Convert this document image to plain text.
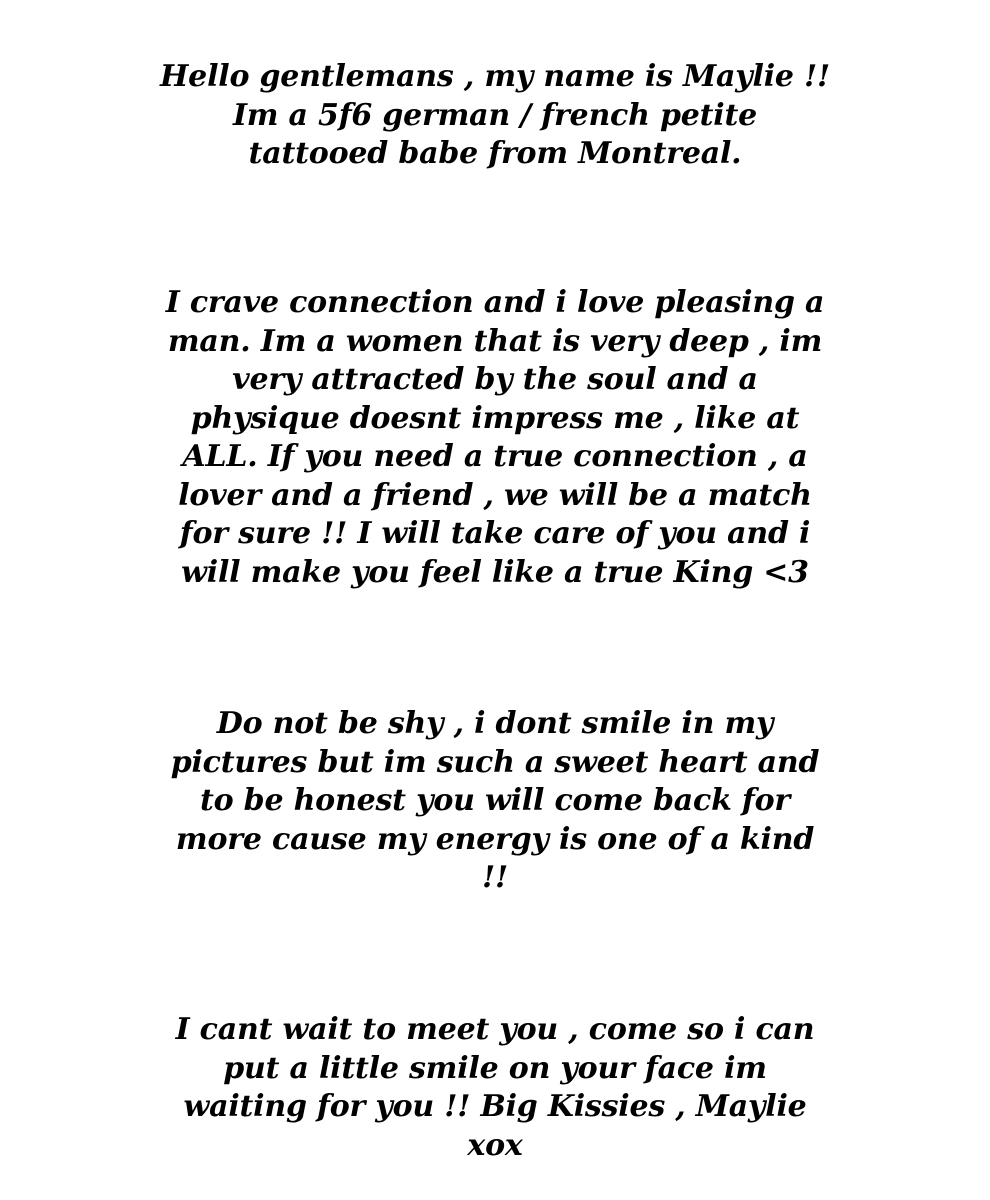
Hello gentlemans , my name is Maylie !!
Im a 5f6 german / french petite
tattooed babe from Montreal.

I crave connection and i love pleasing a
man. Im a women that is very deep , im
very attracted by the soul and a
physique doesnt impress me , like at
ALL. If you need a true connection , a
lover and a friend , we will be a match
for sure !! I will take care of you and i
will make you feel like a true King <3

Do not be shy , i dont smile in my
pictures but im such a sweet heart and
to be honest you will come back for
more cause my energy is one of a kind
!!

I cant wait to meet you , come so i can
put a little smile on your face im
waiting for you !! Big Kissies , Maylie
xox
